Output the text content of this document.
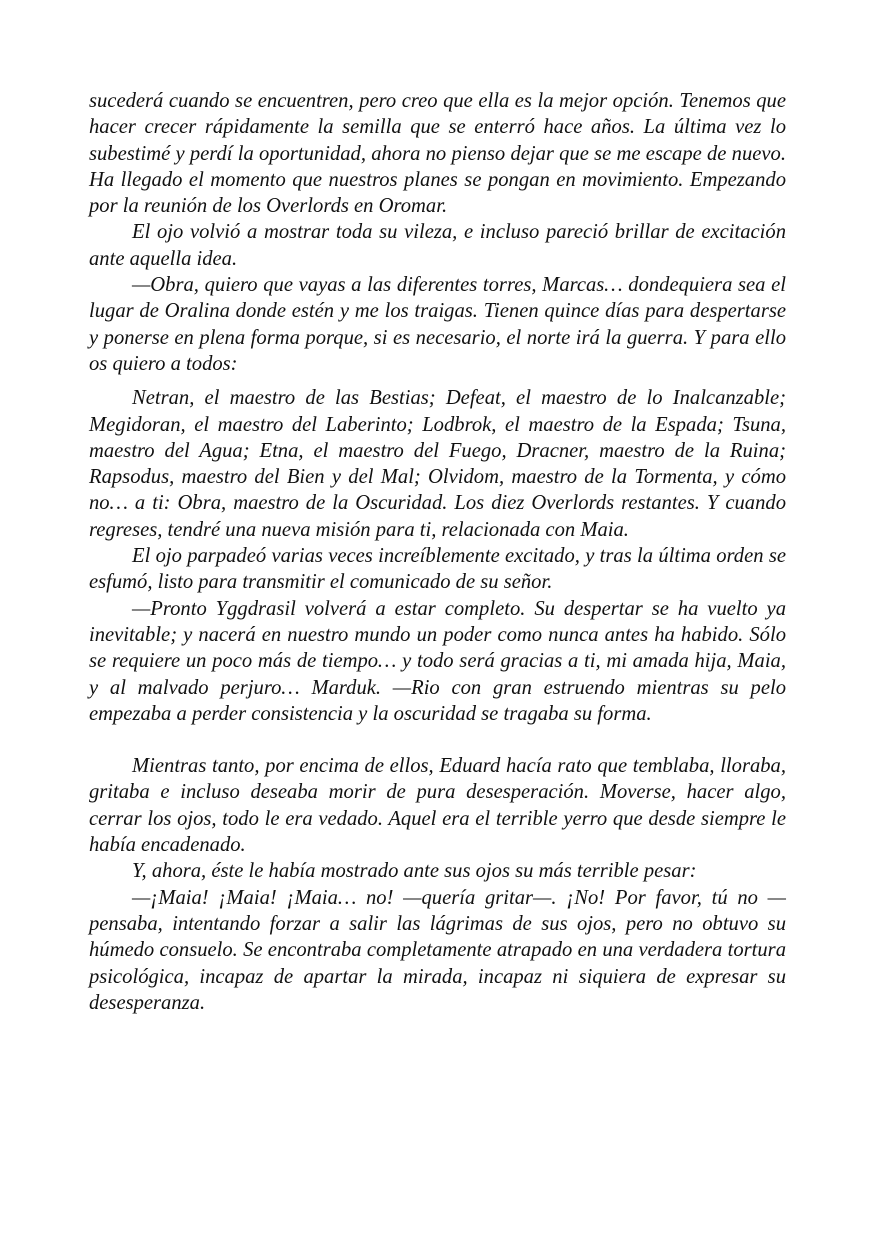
sucederá cuando se encuentren, pero creo que ella es la mejor opción. Tenemos que hacer crecer rápidamente la semilla que se enterró hace años. La última vez lo subestimé y perdí la oportunidad, ahora no pienso dejar que se me escape de nuevo. Ha llegado el momento que nuestros planes se pongan en movimiento. Empezando por la reunión de los Overlords en Oromar.

El ojo volvió a mostrar toda su vileza, e incluso pareció brillar de excitación ante aquella idea.

—Obra, quiero que vayas a las diferentes torres, Marcas… dondequiera sea el lugar de Oralina donde estén y me los traigas. Tienen quince días para despertarse y ponerse en plena forma porque, si es necesario, el norte irá la guerra. Y para ello os quiero a todos:

Netran, el maestro de las Bestias; Defeat, el maestro de lo Inalcanzable; Megidoran, el maestro del Laberinto; Lodbrok, el maestro de la Espada; Tsuna, maestro del Agua; Etna, el maestro del Fuego, Dracner, maestro de la Ruina; Rapsodus, maestro del Bien y del Mal; Olvidom, maestro de la Tormenta, y cómo no… a ti: Obra, maestro de la Oscuridad. Los diez Overlords restantes. Y cuando regreses, tendré una nueva misión para ti, relacionada con Maia.

El ojo parpadeó varias veces increíblemente excitado, y tras la última orden se esfumó, listo para transmitir el comunicado de su señor.

—Pronto Yggdrasil volverá a estar completo. Su despertar se ha vuelto ya inevitable; y nacerá en nuestro mundo un poder como nunca antes ha habido. Sólo se requiere un poco más de tiempo… y todo será gracias a ti, mi amada hija, Maia, y al malvado perjuro… Marduk. —Rio con gran estruendo mientras su pelo empezaba a perder consistencia y la oscuridad se tragaba su forma.

Mientras tanto, por encima de ellos, Eduard hacía rato que temblaba, lloraba, gritaba e incluso deseaba morir de pura desesperación. Moverse, hacer algo, cerrar los ojos, todo le era vedado. Aquel era el terrible yerro que desde siempre le había encadenado.

Y, ahora, éste le había mostrado ante sus ojos su más terrible pesar:

—¡Maia! ¡Maia! ¡Maia… no! —quería gritar—. ¡No! Por favor, tú no —pensaba, intentando forzar a salir las lágrimas de sus ojos, pero no obtuvo su húmedo consuelo. Se encontraba completamente atrapado en una verdadera tortura psicológica, incapaz de apartar la mirada, incapaz ni siquiera de expresar su desesperanza.
